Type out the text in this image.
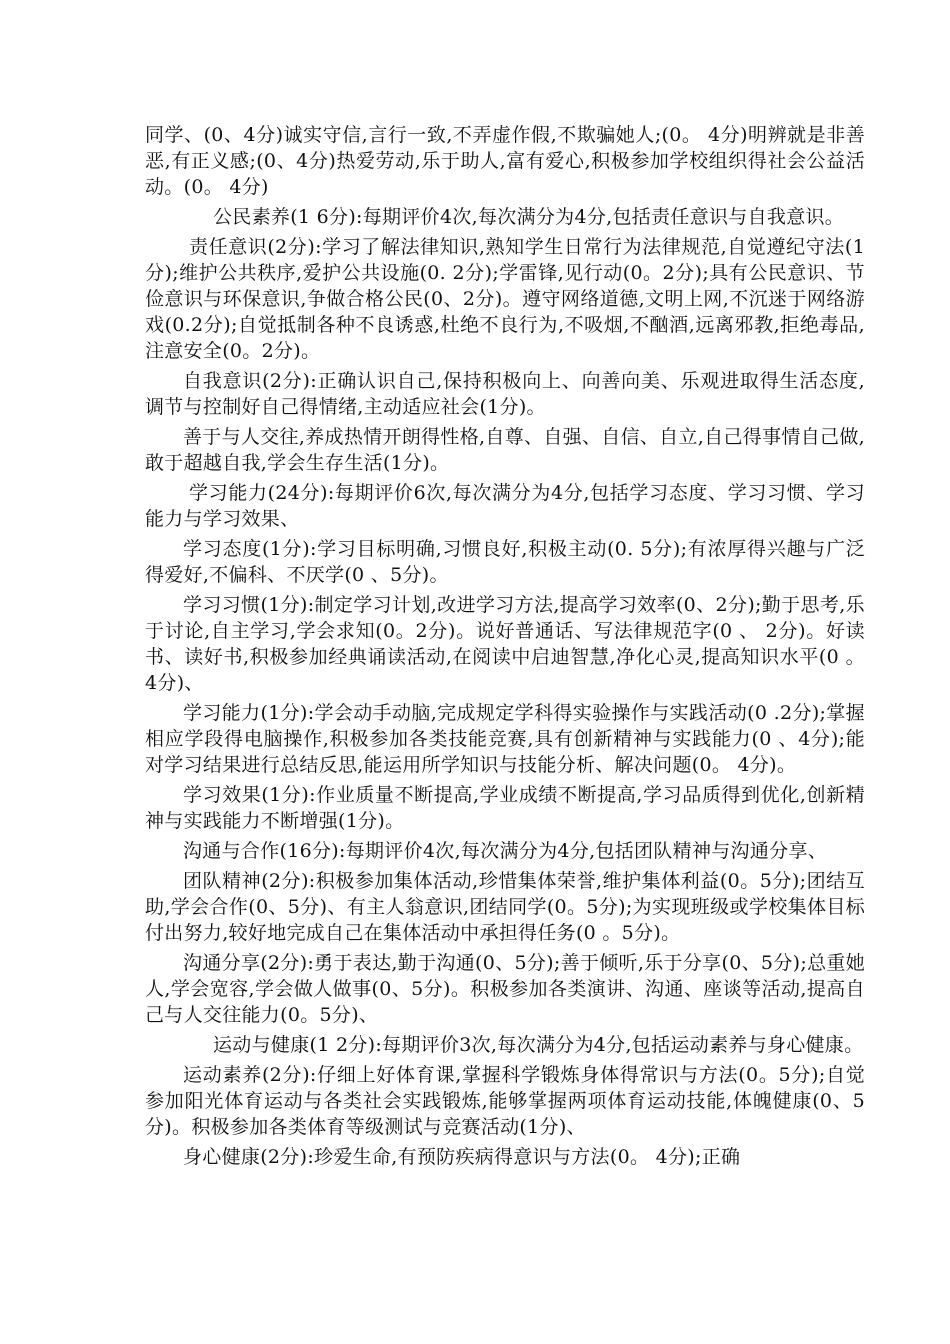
同学、(0、4分)诚实守信,言行一致,不弄虚作假,不欺骗她人;(0。 4分)明辨就是非善恶,有正义感;(0、4分)热爱劳动,乐于助人,富有爱心,积极参加学校组织得社会公益活动。(0。 4分)

公民素养(1 6分):每期评价4次,每次满分为4分,包括责任意识与自我意识。

责任意识(2分):学习了解法律知识,熟知学生日常行为法律规范,自觉遵纪守法(1分);维护公共秩序,爱护公共设施(0. 2分);学雷锋,见行动(0。2分);具有公民意识、节俭意识与环保意识,争做合格公民(0、2分)。遵守网络道德,文明上网,不沉迷于网络游戏(0.2分);自觉抵制各种不良诱惑,杜绝不良行为,不吸烟,不酗酒,远离邪教,拒绝毒品,注意安全(0。2分)。

自我意识(2分):正确认识自己,保持积极向上、向善向美、乐观进取得生活态度,调节与控制好自己得情绪,主动适应社会(1分)。

善于与人交往,养成热情开朗得性格,自尊、自强、自信、自立,自己得事情自己做,敢于超越自我,学会生存生活(1分)。

学习能力(24分):每期评价6次,每次满分为4分,包括学习态度、学习习惯、学习能力与学习效果、

学习态度(1分):学习目标明确,习惯良好,积极主动(0. 5分);有浓厚得兴趣与广泛得爱好,不偏科、不厌学(0 、5分)。

学习习惯(1分):制定学习计划,改进学习方法,提高学习效率(0、2分);勤于思考,乐于讨论,自主学习,学会求知(0。2分)。说好普通话、写法律规范字(0 、 2分)。好读书、读好书,积极参加经典诵读活动,在阅读中启迪智慧,净化心灵,提高知识水平(0 。 4分)、

学习能力(1分):学会动手动脑,完成规定学科得实验操作与实践活动(0 .2分);掌握相应学段得电脑操作,积极参加各类技能竞赛,具有创新精神与实践能力(0 、4分);能对学习结果进行总结反思,能运用所学知识与技能分析、解决问题(0。 4分)。

学习效果(1分):作业质量不断提高,学业成绩不断提高,学习品质得到优化,创新精神与实践能力不断增强(1分)。

沟通与合作(16分):每期评价4次,每次满分为4分,包括团队精神与沟通分享、

团队精神(2分):积极参加集体活动,珍惜集体荣誉,维护集体利益(0。5分);团结互助,学会合作(0、5分)、有主人翁意识,团结同学(0。5分);为实现班级或学校集体目标付出努力,较好地完成自己在集体活动中承担得任务(0 。5分)。

沟通分享(2分):勇于表达,勤于沟通(0、5分);善于倾听,乐于分享(0、5分);总重她人,学会宽容,学会做人做事(0、5分)。积极参加各类演讲、沟通、座谈等活动,提高自己与人交往能力(0。5分)、

运动与健康(1 2分):每期评价3次,每次满分为4分,包括运动素养与身心健康。

运动素养(2分):仔细上好体育课,掌握科学锻炼身体得常识与方法(0。5分);自觉参加阳光体育运动与各类社会实践锻炼,能够掌握两项体育运动技能,体魄健康(0、5分)。积极参加各类体育等级测试与竞赛活动(1分)、

身心健康(2分):珍爱生命,有预防疾病得意识与方法(0。 4分);正确
